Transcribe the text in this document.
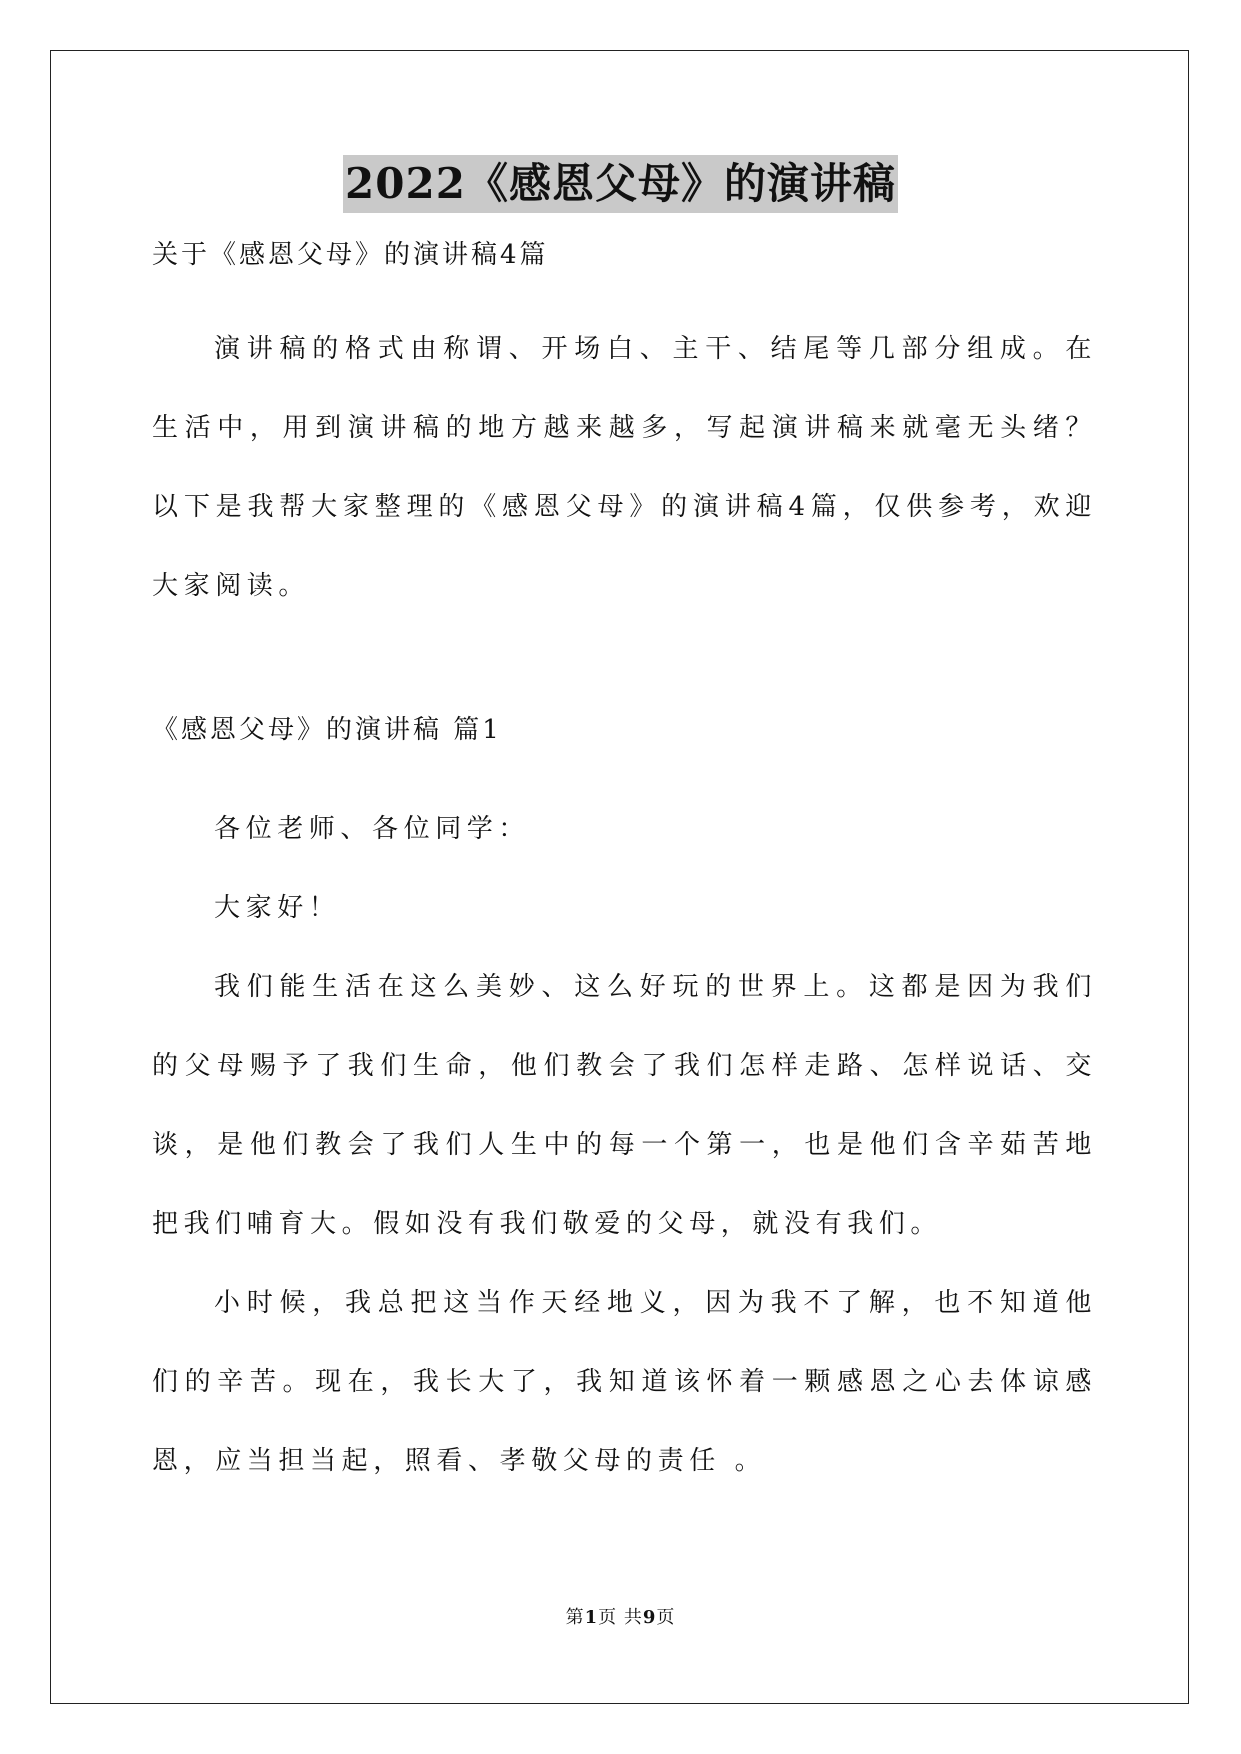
2022《感恩父母》的演讲稿
关于《感恩父母》的演讲稿4篇

演讲稿的格式由称谓、开场白、主干、结尾等几部分组成。在生活中，用到演讲稿的地方越来越多，写起演讲稿来就毫无头绪？以下是我帮大家整理的《感恩父母》的演讲稿4篇，仅供参考，欢迎大家阅读。

《感恩父母》的演讲稿 篇1

各位老师、各位同学：

大家好！

我们能生活在这么美妙、这么好玩的世界上。这都是因为我们的父母赐予了我们生命，他们教会了我们怎样走路、怎样说话、交谈，是他们教会了我们人生中的每一个第一，也是他们含辛茹苦地把我们哺育大。假如没有我们敬爱的父母，就没有我们。

小时候，我总把这当作天经地义，因为我不了解，也不知道他们的辛苦。现在，我长大了，我知道该怀着一颗感恩之心去体谅感恩，应当担当起，照看、孝敬父母的责任 。

第1页 共9页
